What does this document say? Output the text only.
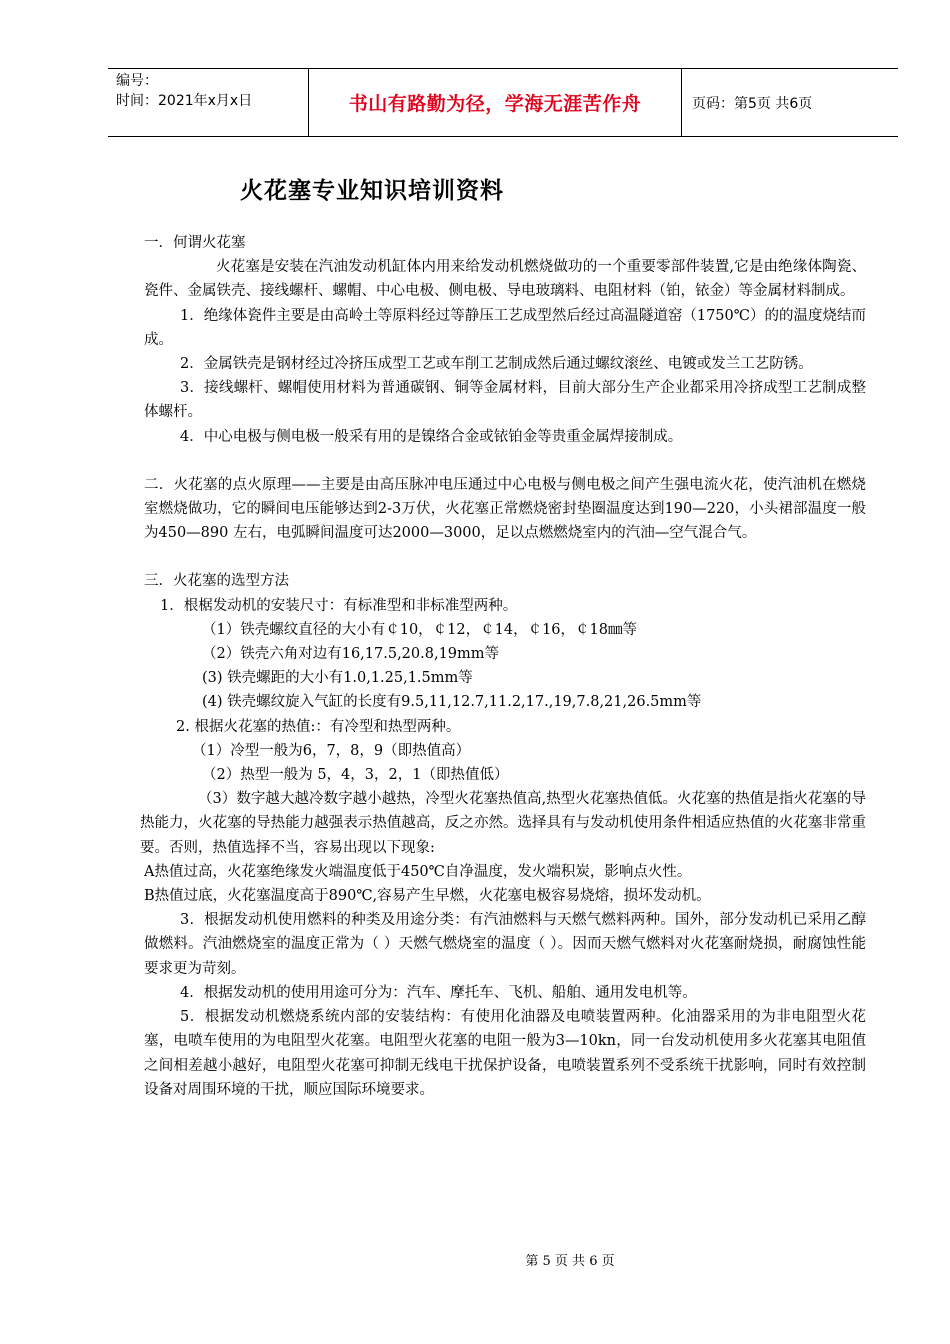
编号：
时间：2021年x月x日	书山有路勤为径，学海无涯苦作舟	页码：第5页 共6页
火花塞专业知识培训资料

一．何谓火花塞

火花塞是安装在汽油发动机缸体内用来给发动机燃烧做功的一个重要零部件装置,它是由绝缘体陶瓷、瓷件、金属铁壳、接线螺杆、螺帽、中心电极、侧电极、导电玻璃料、电阻材料（铂，铱金）等金属材料制成。

1．绝缘体瓷件主要是由高岭土等原料经过等静压工艺成型然后经过高温隧道窑（1750℃）的的温度烧结而成。

2．金属铁壳是钢材经过冷挤压成型工艺或车削工艺制成然后通过螺纹滚丝、电镀或发兰工艺防锈。

3．接线螺杆、螺帽使用材料为普通碳钢、铜等金属材料，目前大部分生产企业都采用冷挤成型工艺制成整体螺杆。

4．中心电极与侧电极一般采有用的是镍络合金或铱铂金等贵重金属焊接制成。

二．火花塞的点火原理——主要是由高压脉冲电压通过中心电极与侧电极之间产生强电流火花，使汽油机在燃烧室燃烧做功，它的瞬间电压能够达到2-3万伏，火花塞正常燃烧密封垫圈温度达到190—220，小头裙部温度一般为450—890 左右，电弧瞬间温度可达2000—3000，足以点燃燃烧室内的汽油—空气混合气。

三．火花塞的选型方法

1．根椐发动机的安装尺寸：有标准型和非标准型两种。

（1）铁壳螺纹直径的大小有￠10，￠12，￠14，￠16，￠18㎜等

（2）铁壳六角对边有16,17.5,20.8,19mm等

(3) 铁壳螺距的大小有1.0,1.25,1.5mm等

(4) 铁壳螺纹旋入气缸的长度有9.5,11,12.7,11.2,17.,19,7.8,21,26.5mm等

2. 根据火花塞的热值:：有冷型和热型两种。

（1）冷型一般为6，7，8，9（即热值高）

（2）热型一般为 5，4，3，2，1（即热值低）

（3）数字越大越冷数字越小越热，冷型火花塞热值高,热型火花塞热值低。火花塞的热值是指火花塞的导热能力，火花塞的导热能力越强表示热值越高，反之亦然。选择具有与发动机使用条件相适应热值的火花塞非常重要。否则，热值选择不当，容易出现以下现象:

A热值过高，火花塞绝缘发火端温度低于450℃自净温度，发火端积炭，影响点火性。

B热值过底，火花塞温度高于890℃,容易产生早燃，火花塞电极容易烧熔，损坏发动机。

3．根据发动机使用燃料的种类及用途分类：有汽油燃料与天燃气燃料两种。国外，部分发动机已采用乙醇做燃料。汽油燃烧室的温度正常为（ ）天燃气燃烧室的温度（ ）。因而天燃气燃料对火花塞耐烧损，耐腐蚀性能要求更为苛刻。

4．根据发动机的使用用途可分为：汽车、摩托车、飞机、船舶、通用发电机等。

5．根据发动机燃烧系统内部的安装结构：有使用化油器及电喷装置两种。化油器采用的为非电阻型火花塞，电喷车使用的为电阻型火花塞。电阻型火花塞的电阻一般为3—10kn，同一台发动机使用多火花塞其电阻值之间相差越小越好，电阻型火花塞可抑制无线电干扰保护设备，电喷装置系列不受系统干扰影响，同时有效控制设备对周围环境的干扰，顺应国际环境要求。

第 5 页 共 6 页
